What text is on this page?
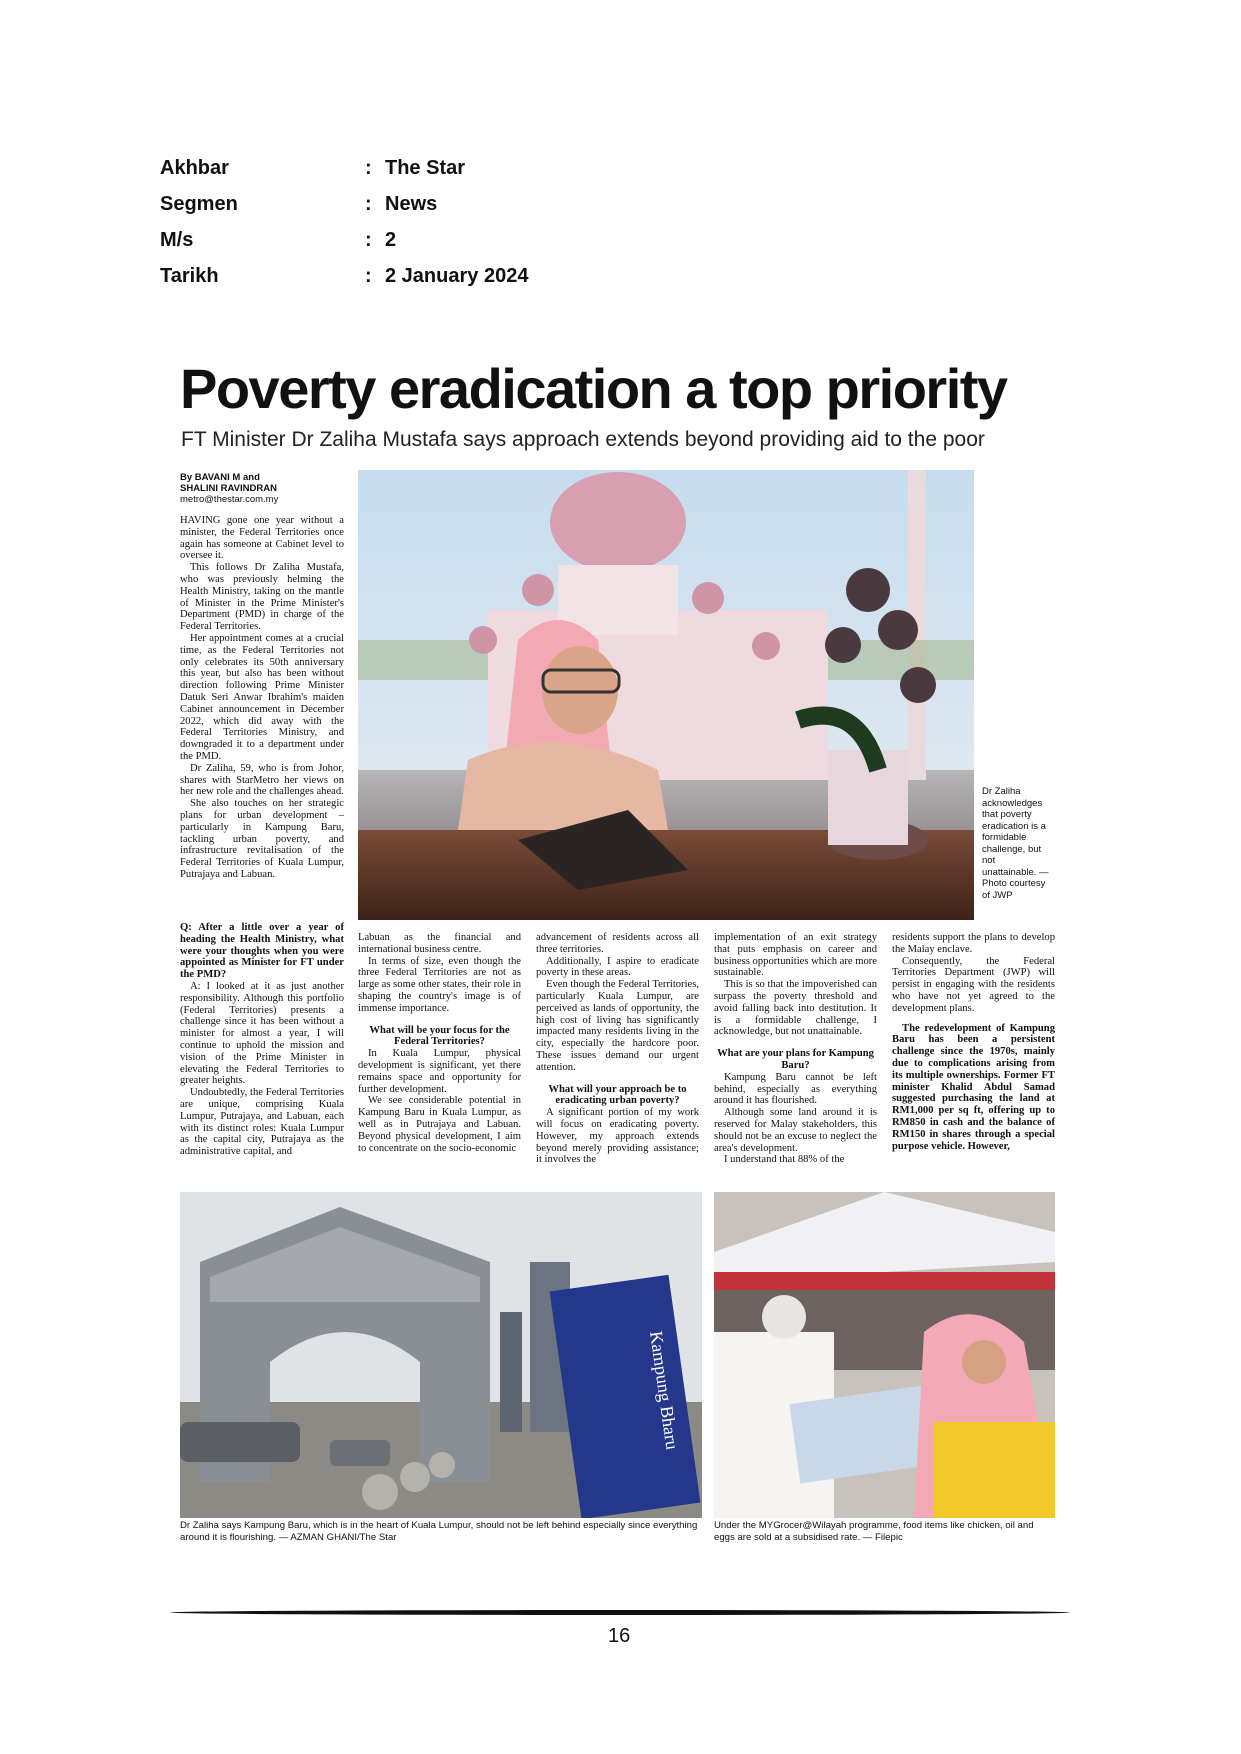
Akhbar	: The Star
Segmen	: News
M/s	: 2
Tarikh	: 2 January 2024
Poverty eradication a top priority
FT Minister Dr Zaliha Mustafa says approach extends beyond providing aid to the poor
By BAVANI M and
SHALINI RAVINDRAN
metro@thestar.com.my

HAVING gone one year without a minister, the Federal Territories once again has someone at Cabinet level to oversee it.

This follows Dr Zaliha Mustafa, who was previously helming the Health Ministry, taking on the mantle of Minister in the Prime Minister's Department (PMD) in charge of the Federal Territories.

Her appointment comes at a crucial time, as the Federal Territories not only celebrates its 50th anniversary this year, but also has been without direction following Prime Minister Datuk Seri Anwar Ibrahim's maiden Cabinet announcement in December 2022, which did away with the Federal Territories Ministry, and downgraded it to a department under the PMD.

Dr Zaliha, 59, who is from Johor, shares with StarMetro her views on her new role and the challenges ahead.

She also touches on her strategic plans for urban development – particularly in Kampung Baru, tackling urban poverty, and infrastructure revitalisation of the Federal Territories of Kuala Lumpur, Putrajaya and Labuan.

Dr Zaliha acknowledges that poverty eradication is a formidable challenge, but not unattainable. — Photo courtesy of JWP

Q: After a little over a year of heading the Health Ministry, what were your thoughts when you were appointed as Minister for FT under the PMD?

A: I looked at it as just another responsibility. Although this portfolio (Federal Territories) presents a challenge since it has been without a minister for almost a year, I will continue to uphold the mission and vision of the Prime Minister in elevating the Federal Territories to greater heights.

Undoubtedly, the Federal Territories are unique, comprising Kuala Lumpur, Putrajaya, and Labuan, each with its distinct roles: Kuala Lumpur as the capital city, Putrajaya as the administrative capital, and

Labuan as the financial and international business centre.

In terms of size, even though the three Federal Territories are not as large as some other states, their role in shaping the country's image is of immense importance.

What will be your focus for the Federal Territories?

In Kuala Lumpur, physical development is significant, yet there remains space and opportunity for further development.

We see considerable potential in Kampung Baru in Kuala Lumpur, as well as in Putrajaya and Labuan. Beyond physical development, I aim to concentrate on the socio-economic

advancement of residents across all three territories.

Additionally, I aspire to eradicate poverty in these areas.

Even though the Federal Territories, particularly Kuala Lumpur, are perceived as lands of opportunity, the high cost of living has significantly impacted many residents living in the city, especially the hardcore poor. These issues demand our urgent attention.

What will your approach be to eradicating urban poverty?

A significant portion of my work will focus on eradicating poverty. However, my approach extends beyond merely providing assistance; it involves the

implementation of an exit strategy that puts emphasis on career and business opportunities which are more sustainable.

This is so that the impoverished can surpass the poverty threshold and avoid falling back into destitution. It is a formidable challenge, I acknowledge, but not unattainable.

What are your plans for Kampung Baru?

Kampung Baru cannot be left behind, especially as everything around it has flourished.

Although some land around it is reserved for Malay stakeholders, this should not be an excuse to neglect the area's development.

I understand that 88% of the

residents support the plans to develop the Malay enclave.

Consequently, the Federal Territories Department (JWP) will persist in engaging with the residents who have not yet agreed to the development plans.

The redevelopment of Kampung Baru has been a persistent challenge since the 1970s, mainly due to complications arising from its multiple ownerships. Former FT minister Khalid Abdul Samad suggested purchasing the land at RM1,000 per sq ft, offering up to RM850 in cash and the balance of RM150 in shares through a special purpose vehicle. However,

Kampung Bharu
Dr Zaliha says Kampung Baru, which is in the heart of Kuala Lumpur, should not be left behind especially since everything around it is flourishing. — AZMAN GHANI/The Star
Under the MYGrocer@Wilayah programme, food items like chicken, oil and eggs are sold at a subsidised rate. — Filepic
16
